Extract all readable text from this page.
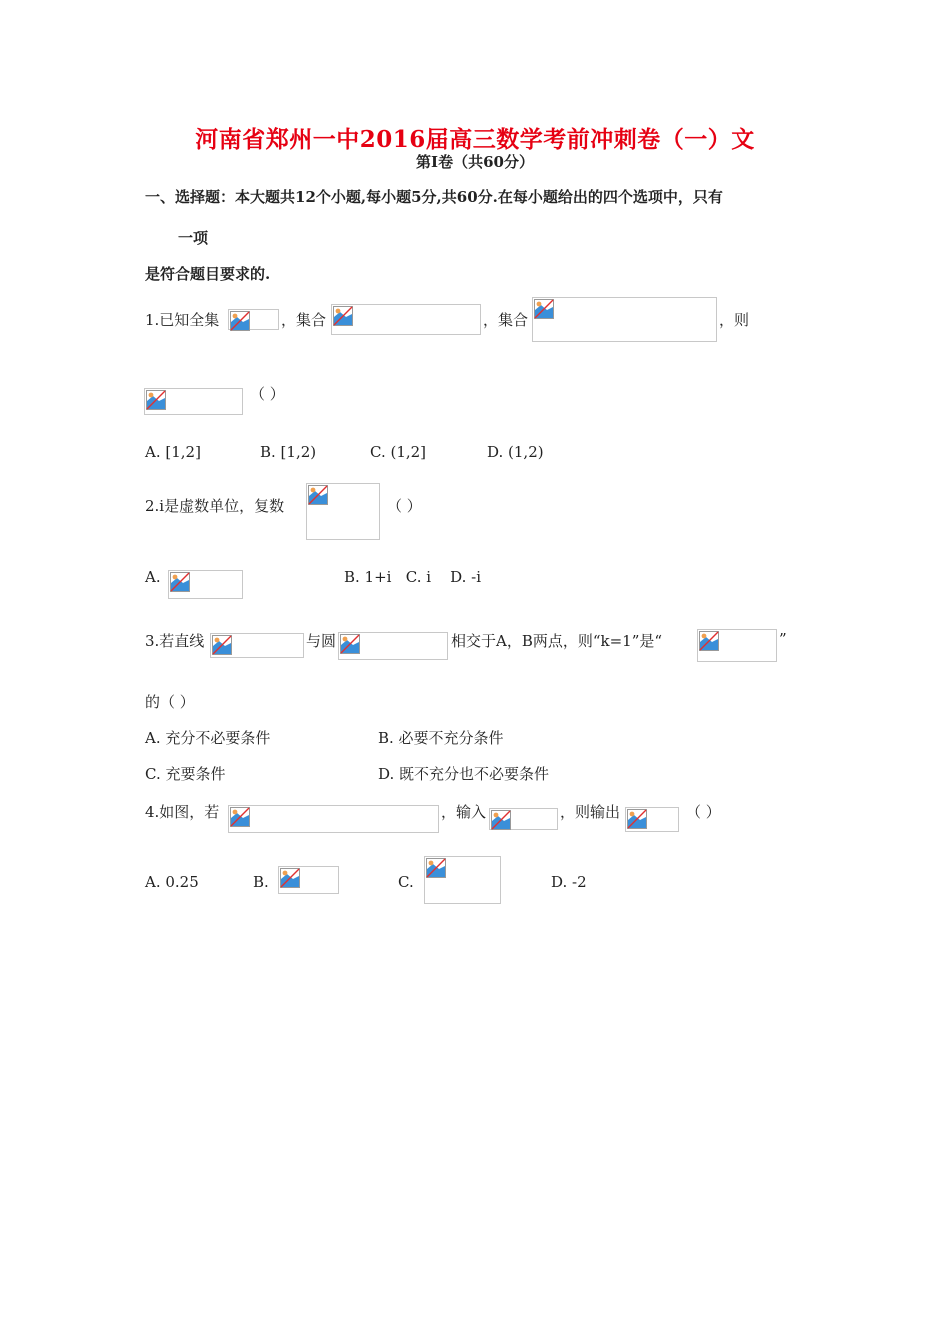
河南省郑州一中2016届高三数学考前冲刺卷（一）文
第Ⅰ卷（共60分）
一、选择题：本大题共12个小题,每小题5分,共60分.在每小题给出的四个选项中，只有
一项
是符合题目要求的.
1.已知全集	，集合	，集合	，则
（ ）
A. [1,2]	B. [1,2)	C. (1,2]	D. (1,2)
2.i是虚数单位，复数	（ ）
A.	B. 1+i   C. i    D. -i
3.若直线	与圆	相交于A，B两点，则“k=1”是“	”
的（ ）
A. 充分不必要条件	B. 必要不充分条件
C. 充要条件	D. 既不充分也不必要条件
4.如图，若	，输入	，则输出	（ ）
A. 0.25	B.	C.	D. -2
